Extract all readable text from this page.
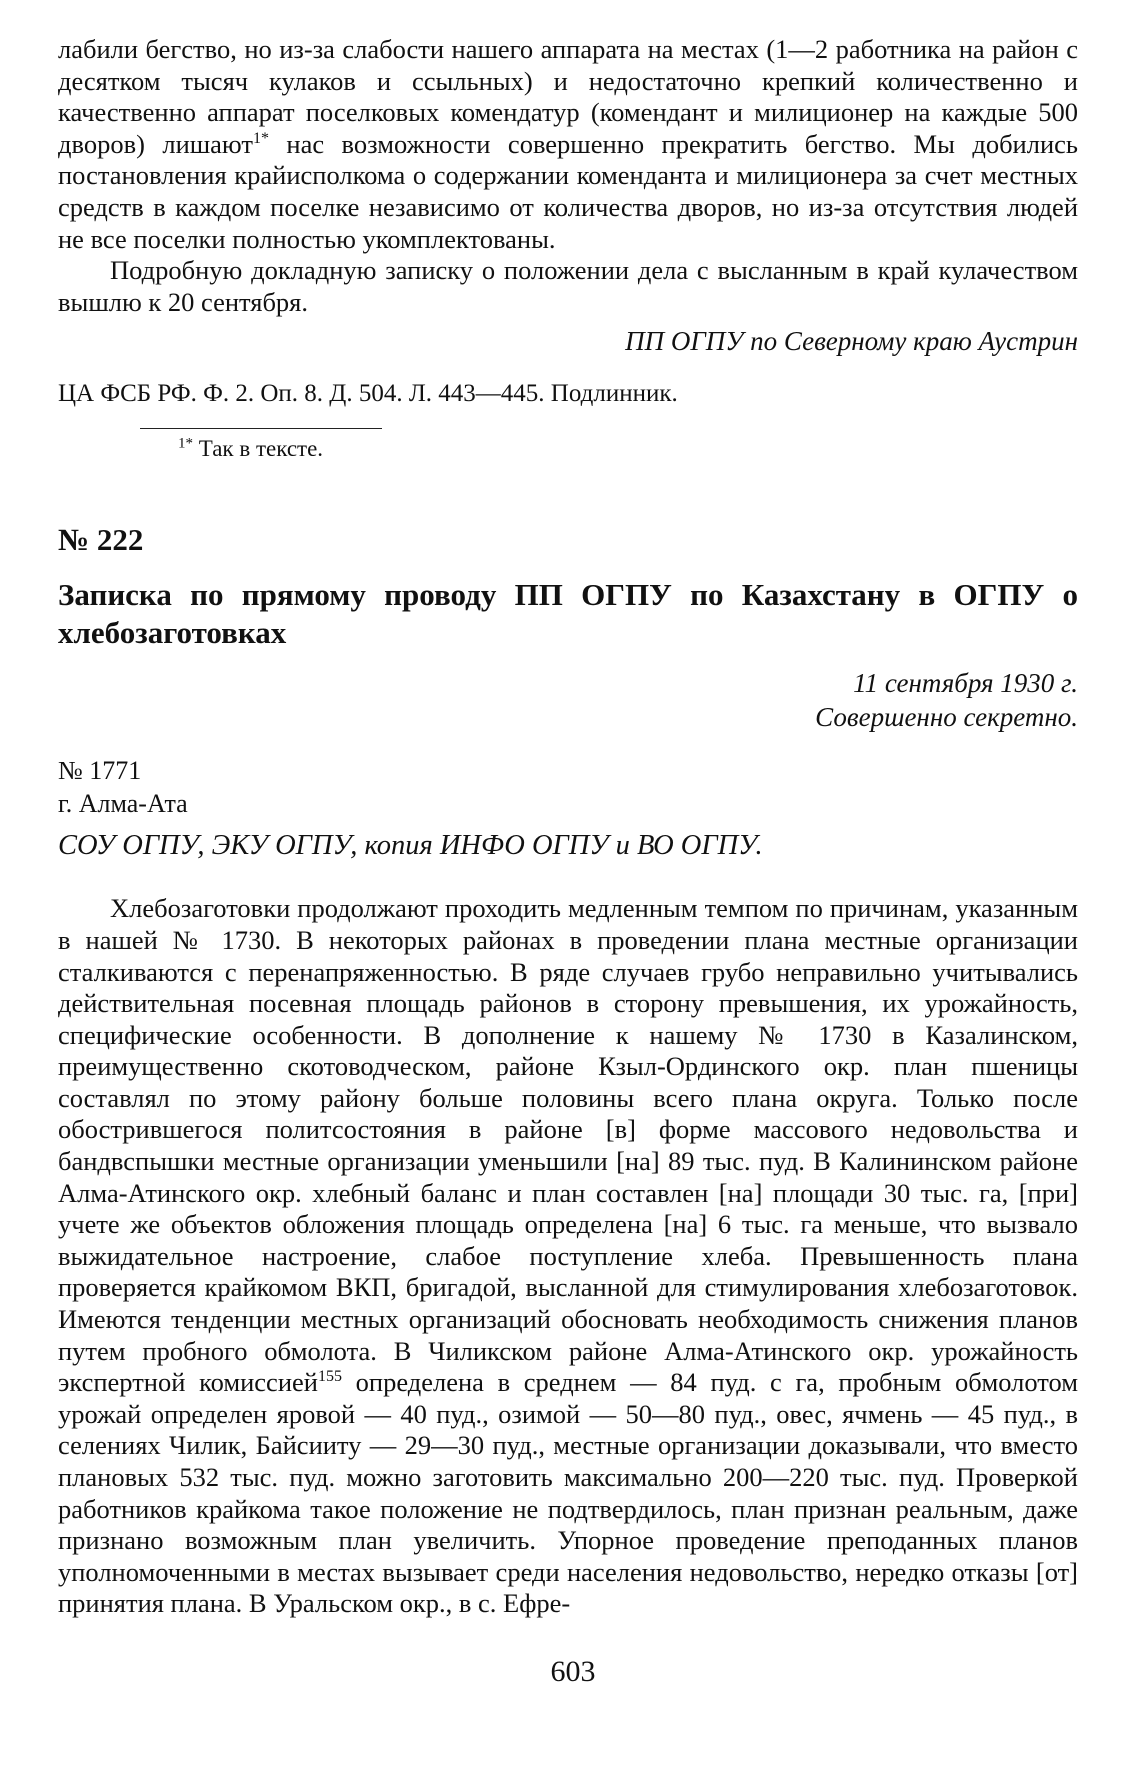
лабили бегство, но из-за слабости нашего аппарата на местах (1—2 работника на район с десятком тысяч кулаков и ссыльных) и недостаточно крепкий количественно и качественно аппарат поселковых комендатур (комендант и милиционер на каждые 500 дворов) лишают$^{1*}$ нас возможности совершенно прекратить бегство. Мы добились постановления крайисполкома о содержании коменданта и милиционера за счет местных средств в каждом поселке независимо от количества дворов, но из-за отсутствия людей не все поселки полностью укомплектованы.

Подробную докладную записку о положении дела с высланным в край кулачеством вышлю к 20 сентября.

ПП ОГПУ по Северному краю Аустрин

ЦА ФСБ РФ. Ф. 2. Оп. 8. Д. 504. Л. 443—445. Подлинник.

$^{1*}$ Так в тексте.

№ 222

Записка по прямому проводу ПП ОГПУ по Казахстану в ОГПУ о хлебозаготовках

11 сентября 1930 г.

Совершенно секретно.

№ 1771

г. Алма-Ата

СОУ ОГПУ, ЭКУ ОГПУ, копия ИНФО ОГПУ и ВО ОГПУ.

Хлебозаготовки продолжают проходить медленным темпом по причинам, указанным в нашей № 1730. В некоторых районах в проведении плана местные организации сталкиваются с перенапряженностью. В ряде случаев грубо неправильно учитывались действительная посевная площадь районов в сторону превышения, их урожайность, специфические особенности. В дополнение к нашему № 1730 в Казалинском, преимущественно скотоводческом, районе Кзыл-Ординского окр. план пшеницы составлял по этому району больше половины всего плана округа. Только после обострившегося политсостояния в районе [в] форме массового недовольства и бандвспышки местные организации уменьшили [на] 89 тыс. пуд. В Калининском районе Алма-Атинского окр. хлебный баланс и план составлен [на] площади 30 тыс. га, [при] учете же объектов обложения площадь определена [на] 6 тыс. га меньше, что вызвало выжидательное настроение, слабое поступление хлеба. Превышенность плана проверяется крайкомом ВКП, бригадой, высланной для стимулирования хлебозаготовок. Имеются тенденции местных организаций обосновать необходимость снижения планов путем пробного обмолота. В Чиликском районе Алма-Атинского окр. урожайность экспертной комиссией$^{155}$ определена в среднем — 84 пуд. с га, пробным обмолотом урожай определен яровой — 40 пуд., озимой — 50—80 пуд., овес, ячмень — 45 пуд., в селениях Чилик, Байсииту — 29—30 пуд., местные организации доказывали, что вместо плановых 532 тыс. пуд. можно заготовить максимально 200—220 тыс. пуд. Проверкой работников крайкома такое положение не подтвердилось, план признан реальным, даже признано возможным план увеличить. Упорное проведение преподанных планов уполномоченными в местах вызывает среди населения недовольство, нередко отказы [от] принятия плана. В Уральском окр., в с. Ефре-

603
